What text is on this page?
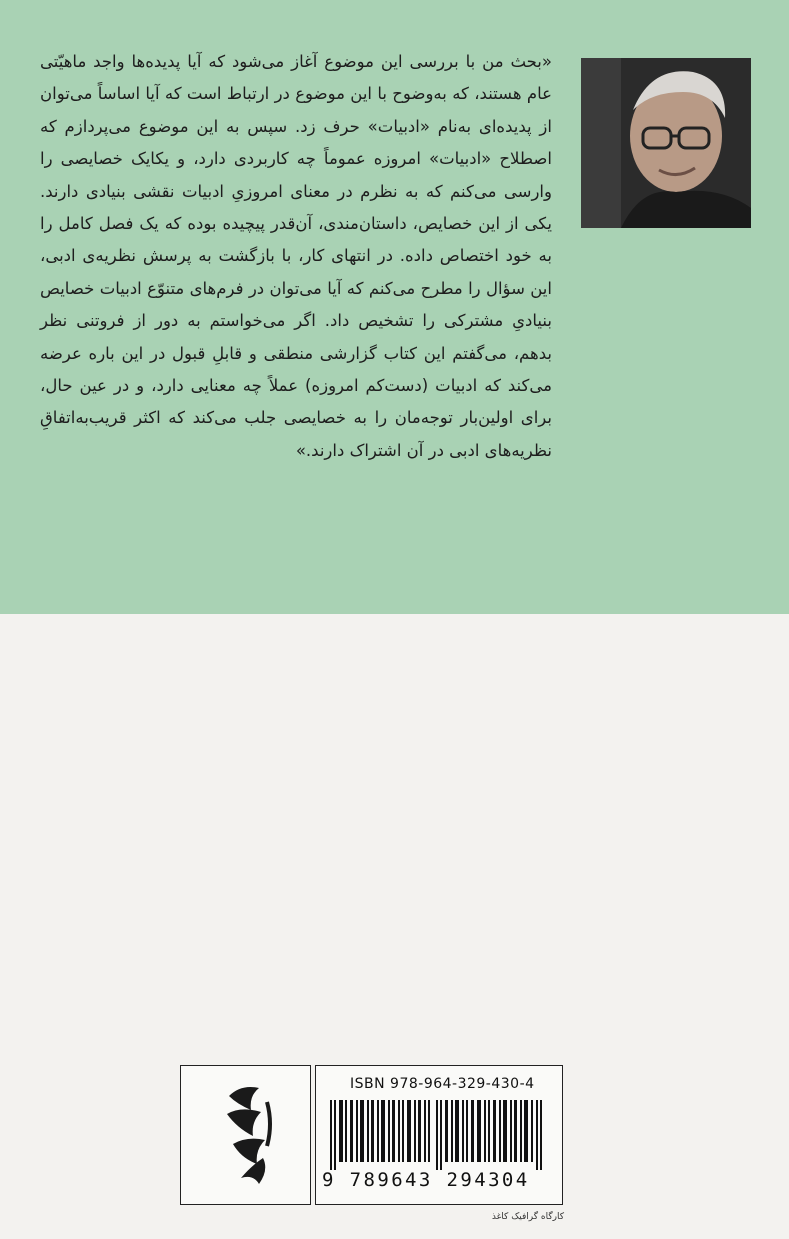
«بحث من با بررسی این موضوع آغاز می‌شود که آیا پدیده‌ها واجد ماهیّتی عام هستند، که به‌وضوح با این موضوع در ارتباط است که آیا اساساً می‌توان از پدیده‌ای به‌نام «ادبیات» حرف زد. سپس به این موضوع می‌پردازم که اصطلاح «ادبیات» امروزه عموماً چه کاربردی دارد، و یکایک خصایصی را وارسی می‌کنم که به نظرم در معنای امروزیِ ادبیات نقشی بنیادی دارند. یکی از این خصایص، داستان‌مندی، آن‌قدر پیچیده بوده که یک فصل کامل را به خود اختصاص داده. در انتهای کار، با بازگشت به پرسش نظریه‌ی ادبی، این سؤال را مطرح می‌کنم که آیا می‌توان در فرم‌های متنوّع ادبیات خصایص بنیادیِ مشترکی را تشخیص داد. اگر می‌خواستم به دور از فروتنی نظر بدهم، می‌گفتم این کتاب گزارشی منطقی و قابلِ قبول در این باره عرضه می‌کند که ادبیات (دست‌کم امروزه) عملاً چه معنایی دارد، و در عین حال، برای اولین‌بار توجه‌مان را به خصایصی جلب می‌کند که اکثر قریب‌به‌اتفاقِ نظریه‌های ادبی در آن اشتراک دارند.»

ISBN 978-964-329-430-4

9 789643 294304

کارگاه گرافیک کاغذ
